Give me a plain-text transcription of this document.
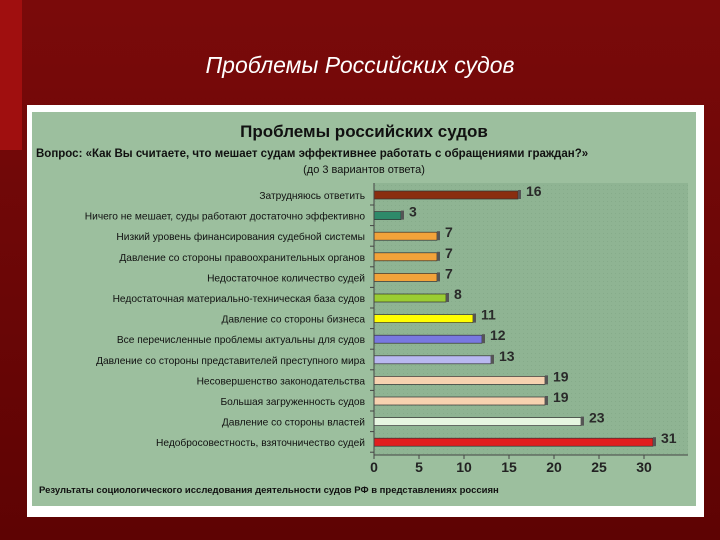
Проблемы Российских судов
Проблемы российских судов
Вопрос: «Как Вы считаете, что мешает судам эффективнее работать с обращениями граждан?»
(до 3 вариантов ответа)
Результаты социологического исследования деятельности судов РФ в представлениях россиян
Затрудняюсь ответить
Ничего не мешает, суды работают достаточно эффективно
Низкий уровень финансирования судебной системы
Давление со стороны правоохранительных органов
Недостаточное количество судей
Недостаточная материально-техническая база судов
Давление со стороны бизнеса
Все перечисленные проблемы актуальны для судов
Давление со стороны представителей преступного мира
Несовершенство законодательства
Большая загруженность судов
Давление со стороны властей
Недобросовестность, взяточничество судей
16
3
7
7
7
8
11
12
13
19
19
23
31
0	5 10 15 20 25 30
